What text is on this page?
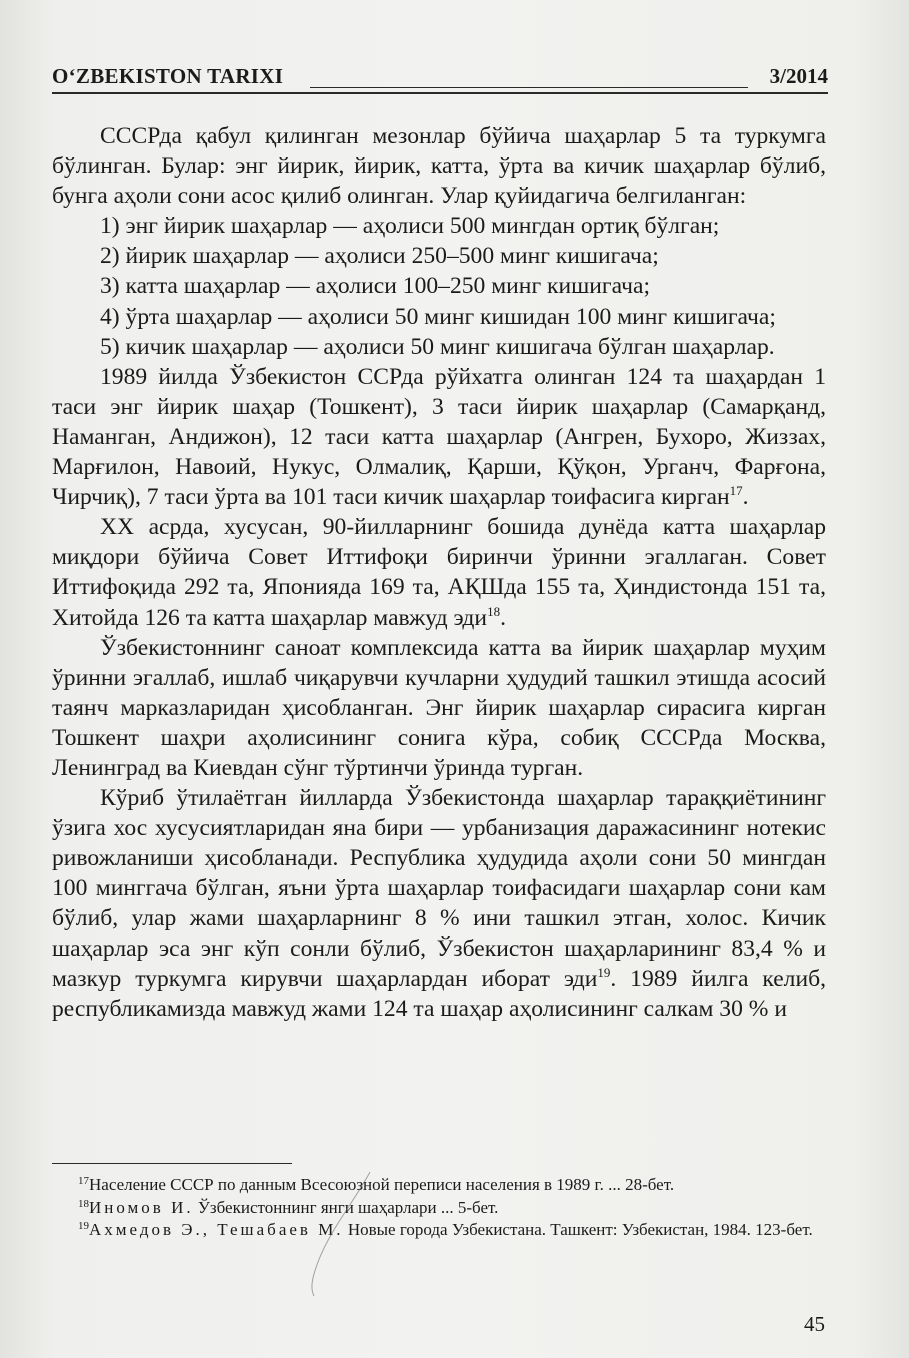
O‘ZBEKISTON TARIXI	3/2014

СССРда қабул қилинган мезонлар бўйича шаҳарлар 5 та туркумга бўлинган. Булар: энг йирик, йирик, катта, ўрта ва кичик шаҳарлар бўлиб, бунга аҳоли сони асос қилиб олинган. Улар қуйидагича белгиланган:

1) энг йирик шаҳарлар — аҳолиси 500 мингдан ортиқ бўлган;

2) йирик шаҳарлар — аҳолиси 250–500 минг кишигача;

3) катта шаҳарлар — аҳолиси 100–250 минг кишигача;

4) ўрта шаҳарлар — аҳолиси 50 минг кишидан 100 минг кишигача;

5) кичик шаҳарлар — аҳолиси 50 минг кишигача бўлган шаҳарлар.

1989 йилда Ўзбекистон ССРда рўйхатга олинган 124 та шаҳардан 1 таси энг йирик шаҳар (Тошкент), 3 таси йирик шаҳарлар (Самарқанд, Наманган, Андижон), 12 таси катта шаҳарлар (Ангрен, Бухоро, Жиззах, Марғилон, Навоий, Нукус, Олмалиқ, Қарши, Қўқон, Урганч, Фарғона, Чирчиқ), 7 таси ўрта ва 101 таси кичик шаҳарлар тоифасига кирган$^{17}$.

XX асрда, хусусан, 90-йилларнинг бошида дунёда катта шаҳарлар миқдори бўйича Совет Иттифоқи биринчи ўринни эгаллаган. Совет Иттифоқида 292 та, Японияда 169 та, АҚШда 155 та, Ҳиндистонда 151 та, Хитойда 126 та катта шаҳарлар мавжуд эди$^{18}$.

Ўзбекистоннинг саноат комплексида катта ва йирик шаҳарлар муҳим ўринни эгаллаб, ишлаб чиқарувчи кучларни ҳудудий ташкил этишда асосий таянч марказларидан ҳисобланган. Энг йирик шаҳарлар сирасига кирган Тошкент шаҳри аҳолисининг сонига кўра, собиқ СССРда Москва, Ленинград ва Киевдан сўнг тўртинчи ўринда турган.

Кўриб ўтилаётган йилларда Ўзбекистонда шаҳарлар тараққиётининг ўзига хос хусусиятларидан яна бири — урбанизация даражасининг нотекис ривожланиши ҳисобланади. Республика ҳудудида аҳоли сони 50 мингдан 100 минггача бўлган, яъни ўрта шаҳарлар тоифасидаги шаҳарлар сони кам бўлиб, улар жами шаҳарларнинг 8 % ини ташкил этган, холос. Кичик шаҳарлар эса энг кўп сонли бўлиб, Ўзбекистон шаҳарларининг 83,4 % и мазкур туркумга кирувчи шаҳарлардан иборат эди$^{19}$. 1989 йилга келиб, республикамизда мавжуд жами 124 та шаҳар аҳолисининг салкам 30 % и

$^{17}$Население СССР по данным Всесоюзной переписи населения в 1989 г. ... 28-бет.

$^{18}$Иномов И. Ўзбекистоннинг янги шаҳарлари ... 5-бет.

$^{19}$Ахмедов Э., Тешабаев М. Новые города Узбекистана. Ташкент: Узбекистан, 1984. 123-бет.

45
